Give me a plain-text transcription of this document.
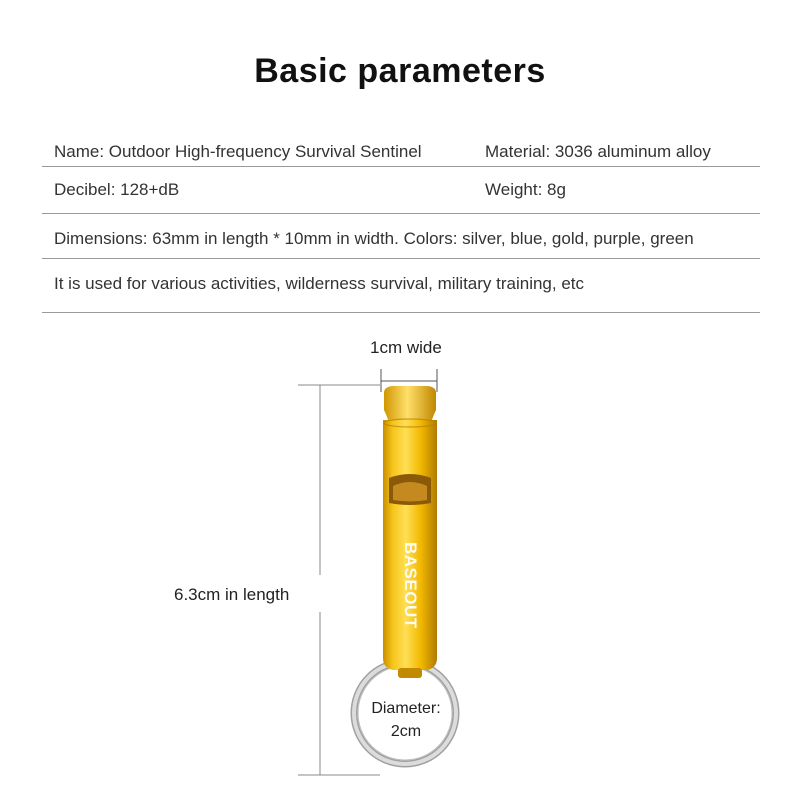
Basic parameters
Name: Outdoor High-frequency Survival Sentinel	Material: 3036 aluminum alloy
Decibel: 128+dB	Weight: 8g
Dimensions: 63mm in length * 10mm in width. Colors: silver, blue, gold, purple, green
It is used for various activities, wilderness survival, military training, etc
BASEOUT
1cm wide
6.3cm in length
Diameter:
2cm
